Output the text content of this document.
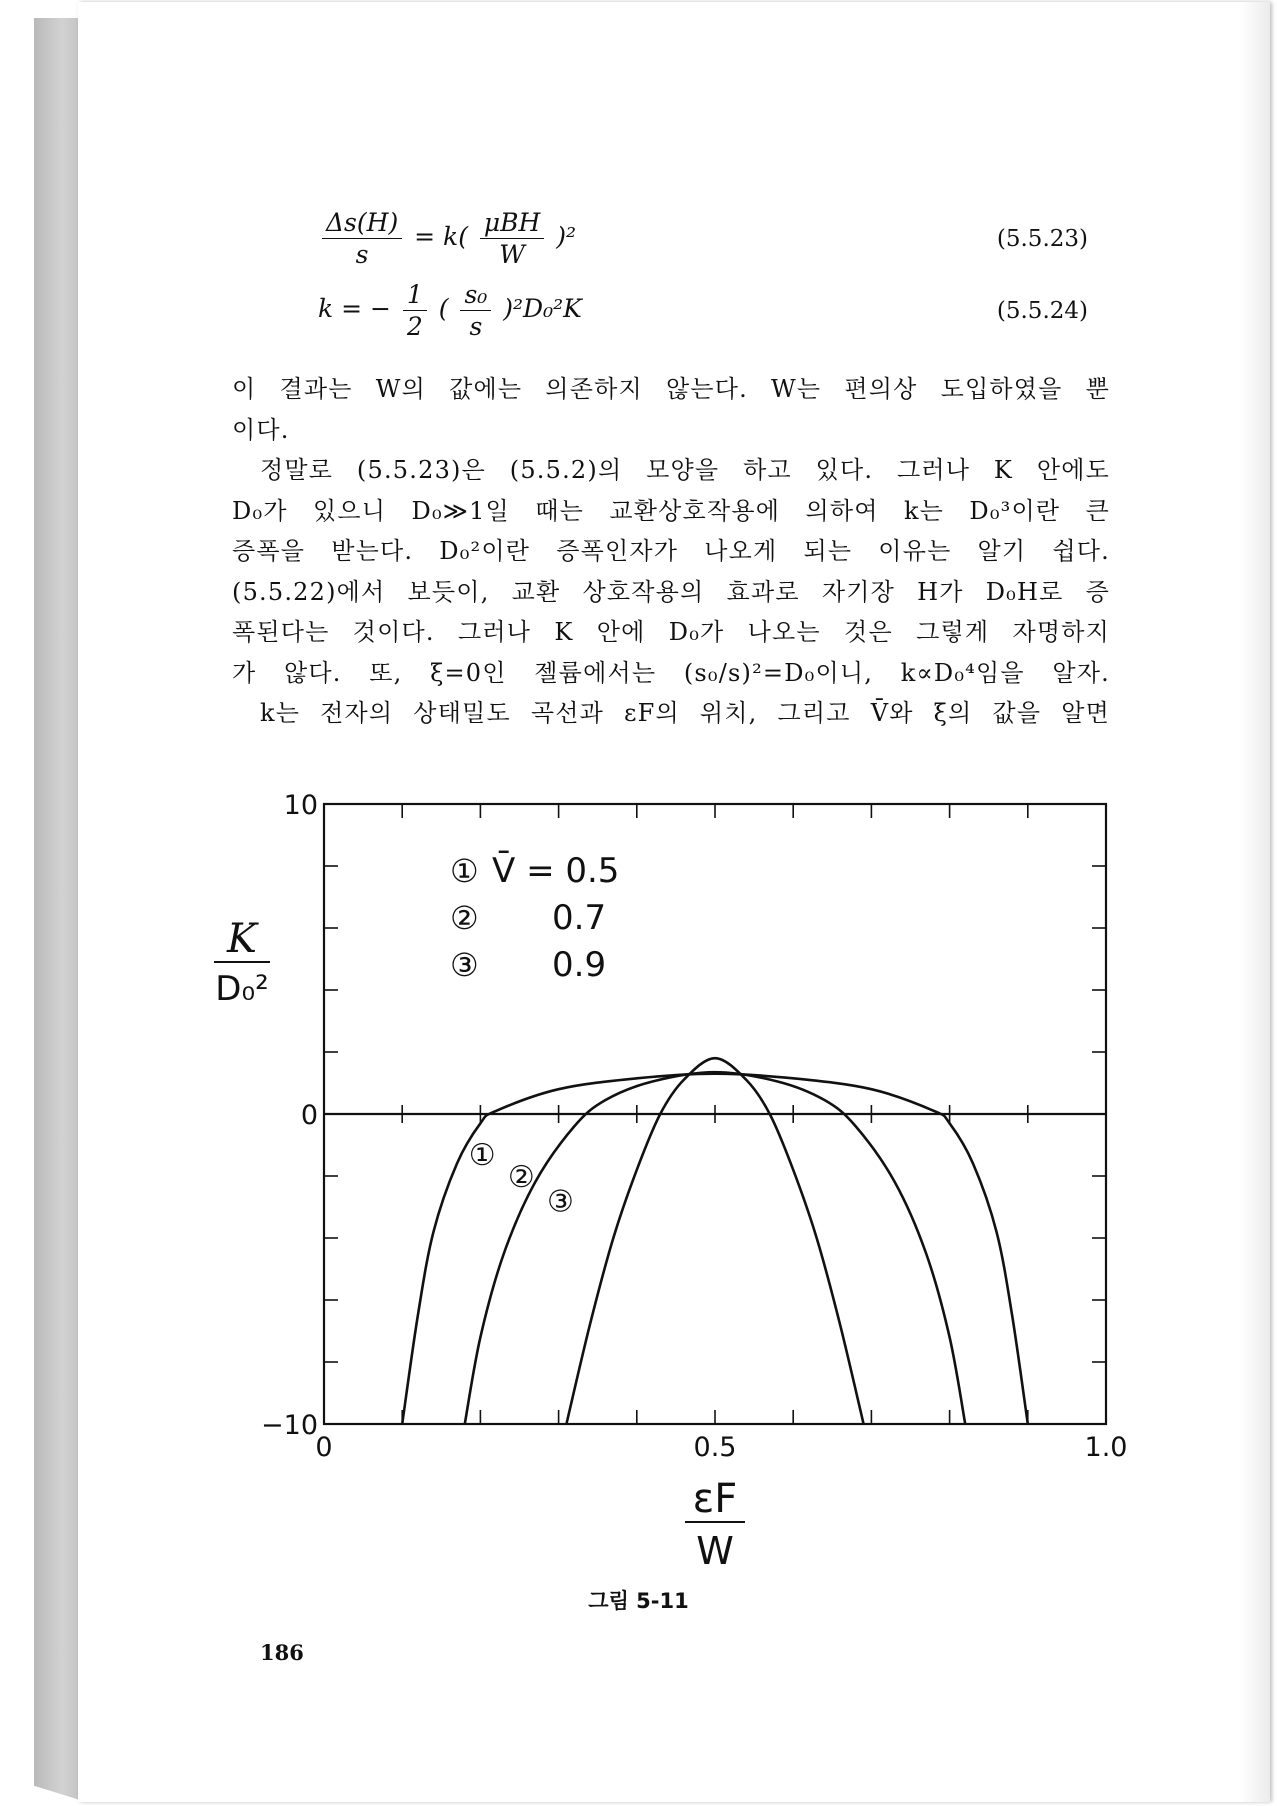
$\frac{\Delta s(H)}{s} = k( \frac{\text{μBH}}{W} )^2$	(5.5.23)
k = − $\frac{1}{2}$ ( $\frac{\text{s₀}}{s} )^2D_0^2K$	(5.5.24)
이 결과는 W의 값에는 의존하지 않는다. W는 편의상 도입하였을 뿐
이다.
정말로 (5.5.23)은 (5.5.2)의 모양을 하고 있다. 그러나 K 안에도
D₀가 있으니 D₀≫1일 때는 교환상호작용에 의하여 k는 D₀³이란 큰
증폭을 받는다. D₀²이란 증폭인자가 나오게 되는 이유는 알기 쉽다.
(5.5.22)에서 보듯이, 교환 상호작용의 효과로 자기장 H가 D₀H로 증
폭된다는 것이다. 그러나 K 안에 D₀가 나오는 것은 그렇게 자명하지
가 않다. 또, ξ=0인 젤륨에서는 (s₀/s)²=D₀이니, k∝D₀⁴임을 알자.
k는 전자의 상태밀도 곡선과 εF의 위치, 그리고 V̄와 ξ의 값을 알면
0	0.5	1.0
10
0
−10
εF
W
K
D₀²
① V̄ = 0.5
② 0.7
③ 0.9
①
②
③
그림 5-11
186
